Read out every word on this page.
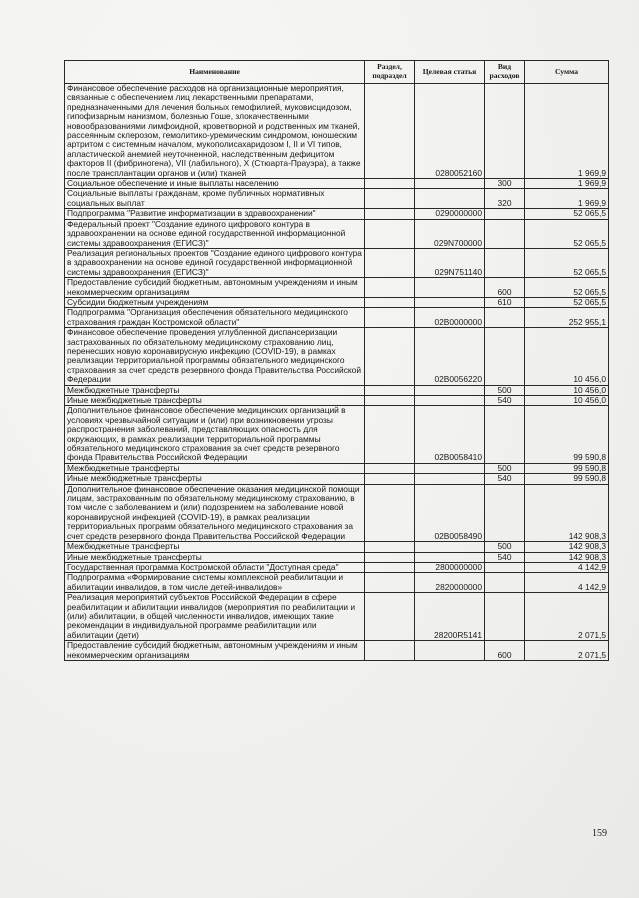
Наименование	Раздел, подраздел	Целевая статья	Вид расходов	Сумма
Финансовое обеспечение расходов на организационные мероприятия, связанные с обеспечением лиц лекарственными препаратами, предназначенными для лечения больных гемофилией, муковисцидозом, гипофизарным нанизмом, болезнью Гоше, злокачественными новообразованиями лимфоидной, кроветворной и родственных им тканей, рассеянным склерозом, гемолитико-уремическим синдромом, юношеским артритом с системным началом, мукополисахаридозом I, II и VI типов, апластической анемией неуточненной, наследственным дефицитом факторов II (фибриногена), VII (лабильного), X (Стюарта-Прауэра), а также после трансплантации органов и (или) тканей		0280052160		1 969,9
Социальное обеспечение и иные выплаты населению			300	1 969,9
Социальные выплаты гражданам, кроме публичных нормативных социальных выплат			320	1 969,9
Подпрограмма "Развитие информатизации в здравоохранении"		0290000000		52 065,5
Федеральный проект "Создание единого цифрового контура в здравоохранении на основе единой государственной информационной системы здравоохранения (ЕГИСЗ)"		029N700000		52 065,5
Реализация региональных проектов "Создание единого цифрового контура в здравоохранении на основе единой государственной информационной системы здравоохранения (ЕГИСЗ)"		029N751140		52 065,5
Предоставление субсидий бюджетным, автономным учреждениям и иным некоммерческим организациям			600	52 065,5
Субсидии бюджетным учреждениям			610	52 065,5
Подпрограмма "Организация обеспечения обязательного медицинского страхования граждан Костромской области"		02В0000000		252 955,1
Финансовое обеспечение проведения углубленной диспансеризации застрахованных по обязательному медицинскому страхованию лиц, перенесших новую коронавирусную инфекцию (COVID-19), в рамках реализации территориальной программы обязательного медицинского страхования за счет средств резервного фонда Правительства Российской Федерации		02В0056220		10 456,0
Межбюджетные трансферты			500	10 456,0
Иные межбюджетные трансферты			540	10 456,0
Дополнительное финансовое обеспечение медицинских организаций в условиях чрезвычайной ситуации и (или) при возникновении угрозы распространения заболеваний, представляющих опасность для окружающих, в рамках реализации территориальной программы обязательного медицинского страхования за счет средств резервного фонда Правительства Российской Федерации		02В0058410		99 590,8
Межбюджетные трансферты			500	99 590,8
Иные межбюджетные трансферты			540	99 590,8
Дополнительное финансовое обеспечение оказания медицинской помощи лицам, застрахованным по обязательному медицинскому страхованию, в том числе с заболеванием и (или) подозрением на заболевание новой коронавирусной инфекцией (COVID-19), в рамках реализации территориальных программ обязательного медицинского страхования за счет средств резервного фонда Правительства Российской Федерации		02В0058490		142 908,3
Межбюджетные трансферты			500	142 908,3
Иные межбюджетные трансферты			540	142 908,3
Государственная программа Костромской области "Доступная среда"		2800000000		4 142,9
Подпрограмма «Формирование системы комплексной реабилитации и абилитации инвалидов, в том числе детей-инвалидов»		2820000000		4 142,9
Реализация мероприятий субъектов Российской Федерации в сфере реабилитации и абилитации инвалидов (мероприятия по реабилитации и (или) абилитации, в общей численности инвалидов, имеющих такие рекомендации в индивидуальной программе реабилитации или абилитации (дети)		28200R5141		2 071,5
Предоставление субсидий бюджетным, автономным учреждениям и иным некоммерческим организациям			600	2 071,5
159
